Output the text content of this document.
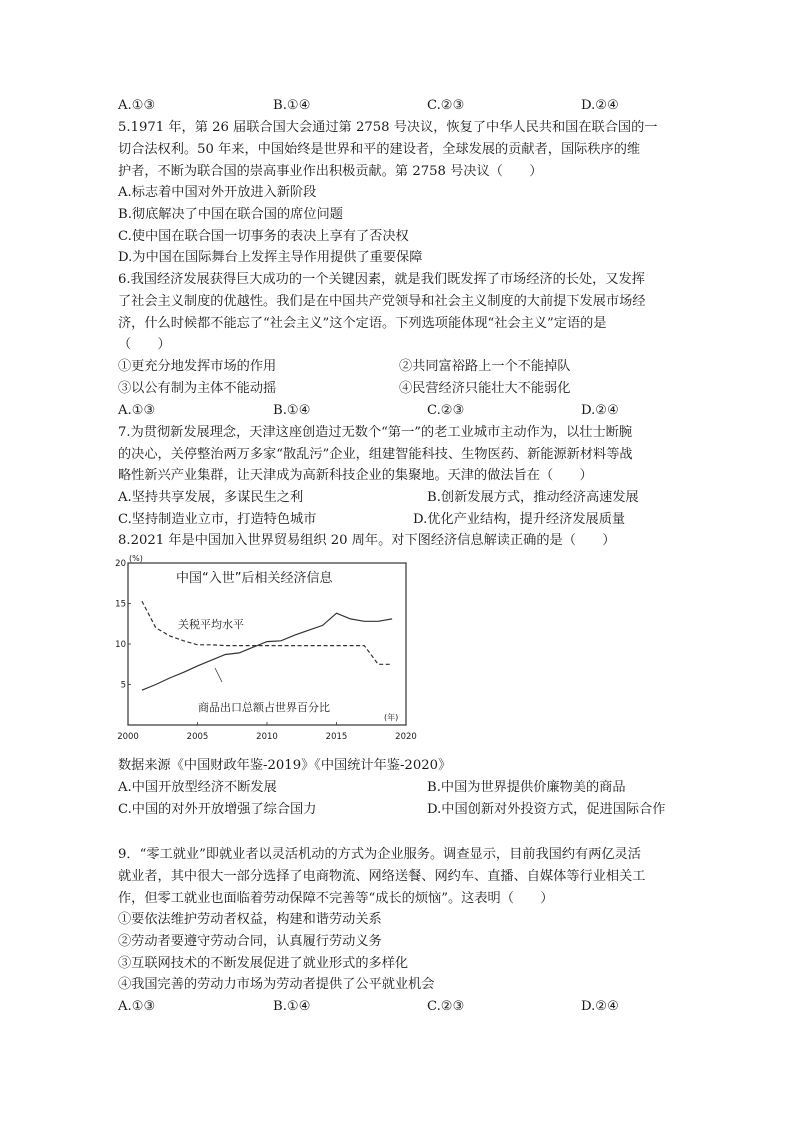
A.①③	B.①④	C.②③	D.②④
5.1971 年，第 26 届联合国大会通过第 2758 号决议，恢复了中华人民共和国在联合国的一
切合法权利。50 年来，中国始终是世界和平的建设者，全球发展的贡献者，国际秩序的维
护者，不断为联合国的崇高事业作出积极贡献。第 2758 号决议（　　）
A.标志着中国对外开放进入新阶段
B.彻底解决了中国在联合国的席位问题
C.使中国在联合国一切事务的表决上享有了否决权
D.为中国在国际舞台上发挥主导作用提供了重要保障
6.我国经济发展获得巨大成功的一个关键因素，就是我们既发挥了市场经济的长处，又发挥
了社会主义制度的优越性。我们是在中国共产党领导和社会主义制度的大前提下发展市场经
济，什么时候都不能忘了“社会主义”这个定语。下列选项能体现“社会主义”定语的是
（　　）
①更充分地发挥市场的作用	②共同富裕路上一个不能掉队
③以公有制为主体不能动摇	④民营经济只能壮大不能弱化
A.①③	B.①④	C.②③	D.②④
7.为贯彻新发展理念，天津这座创造过无数个“第一”的老工业城市主动作为，以壮士断腕
的决心，关停整治两万多家“散乱污”企业，组建智能科技、生物医药、新能源新材料等战
略性新兴产业集群，让天津成为高新科技企业的集聚地。天津的做法旨在（　　）
A.坚持共享发展，多谋民生之利	B.创新发展方式，推动经济高速发展
C.坚持制造业立市，打造特色城市	D.优化产业结构，提升经济发展质量
8.2021 年是中国加入世界贸易组织 20 周年。对下图经济信息解读正确的是（　　）
中国“入世”后相关经济信息
(%)
(年)
关税平均水平
商品出口总额占世界百分比
2000	2005	2010	2015	2020
5
10
15
20
数据来源《中国财政年鉴-2019》《中国统计年鉴-2020》
A.中国开放型经济不断发展	B.中国为世界提供价廉物美的商品
C.中国的对外开放增强了综合国力	D.中国创新对外投资方式，促进国际合作
9．“零工就业”即就业者以灵活机动的方式为企业服务。调查显示，目前我国约有两亿灵活
就业者，其中很大一部分选择了电商物流、网络送餐、网约车、直播、自媒体等行业相关工
作，但零工就业也面临着劳动保障不完善等“成长的烦恼”。这表明（　　）
①要依法维护劳动者权益，构建和谐劳动关系
②劳动者要遵守劳动合同，认真履行劳动义务
③互联网技术的不断发展促进了就业形式的多样化
④我国完善的劳动力市场为劳动者提供了公平就业机会
A.①③	B.①④	C.②③	D.②④
